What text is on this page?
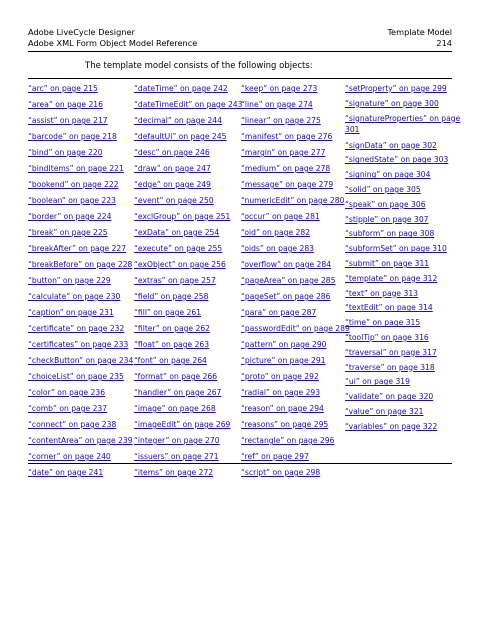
Adobe LiveCycle Designer	Template Model
Adobe XML Form Object Model Reference	214
The template model consists of the following objects:
“arc” on page 215
“area” on page 216
“assist” on page 217
“barcode” on page 218
“bind” on page 220
“bindItems” on page 221
“bookend” on page 222
“boolean” on page 223
“border” on page 224
“break” on page 225
“breakAfter” on page 227
“breakBefore” on page 228
“button” on page 229
“calculate” on page 230
“caption” on page 231
“certificate” on page 232
“certificates” on page 233
“checkButton” on page 234
“choiceList” on page 235
“color” on page 236
“comb” on page 237
“connect” on page 238
“contentArea” on page 239
“corner” on page 240
“date” on page 241
“dateTime” on page 242
“dateTimeEdit” on page 243
“decimal” on page 244
“defaultUi” on page 245
“desc” on page 246
“draw” on page 247
“edge” on page 249
“event” on page 250
“exclGroup” on page 251
“exData” on page 254
“execute” on page 255
“exObject” on page 256
“extras” on page 257
“field” on page 258
“fill” on page 261
“filter” on page 262
“float” on page 263
“font” on page 264
“format” on page 266
“handler” on page 267
“image” on page 268
“imageEdit” on page 269
“integer” on page 270
“issuers” on page 271
“items” on page 272
“keep” on page 273
“line” on page 274
“linear” on page 275
“manifest” on page 276
“margin” on page 277
“medium” on page 278
“message” on page 279
“numericEdit” on page 280
“occur” on page 281
“oid” on page 282
“oids” on page 283
“overflow” on page 284
“pageArea” on page 285
“pageSet” on page 286
“para” on page 287
“passwordEdit” on page 289
“pattern” on page 290
“picture” on page 291
“proto” on page 292
“radial” on page 293
“reason” on page 294
“reasons” on page 295
“rectangle” on page 296
“ref” on page 297
“script” on page 298
“setProperty” on page 299
“signature” on page 300
“signatureProperties” on page 301
“signData” on page 302
“signedState” on page 303
“signing” on page 304
“solid” on page 305
“speak” on page 306
“stipple” on page 307
“subform” on page 308
“subformSet” on page 310
“submit” on page 311
“template” on page 312
“text” on page 313
“textEdit” on page 314
“time” on page 315
“toolTip” on page 316
“traversal” on page 317
“traverse” on page 318
“ui” on page 319
“validate” on page 320
“value” on page 321
“variables” on page 322
